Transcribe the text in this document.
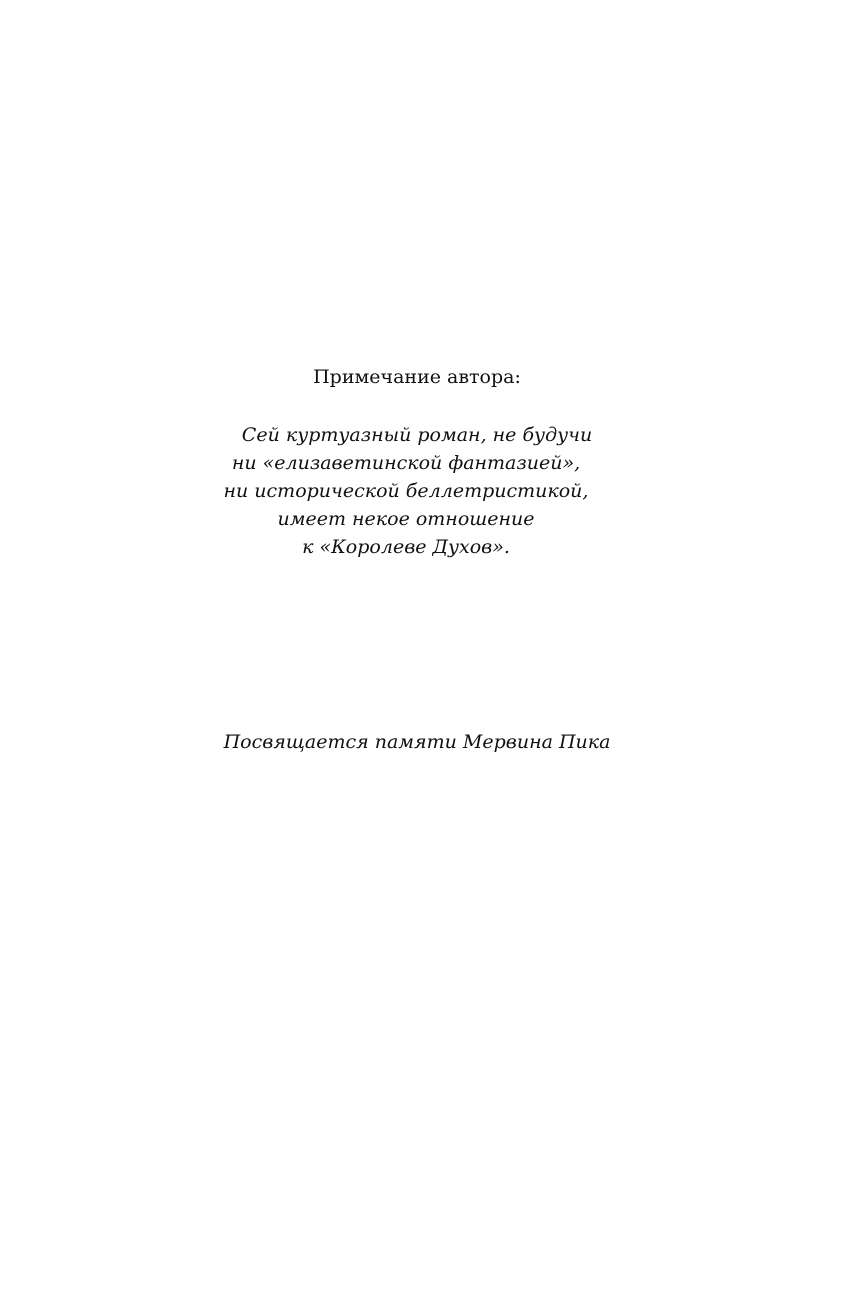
Примечание автора:
Сей куртуазный роман, не будучи
ни «елизаветинской фантазией»,
ни исторической беллетристикой,
имеет некое отношение
к «Королеве Духов».
Посвящается памяти Мервина Пика
